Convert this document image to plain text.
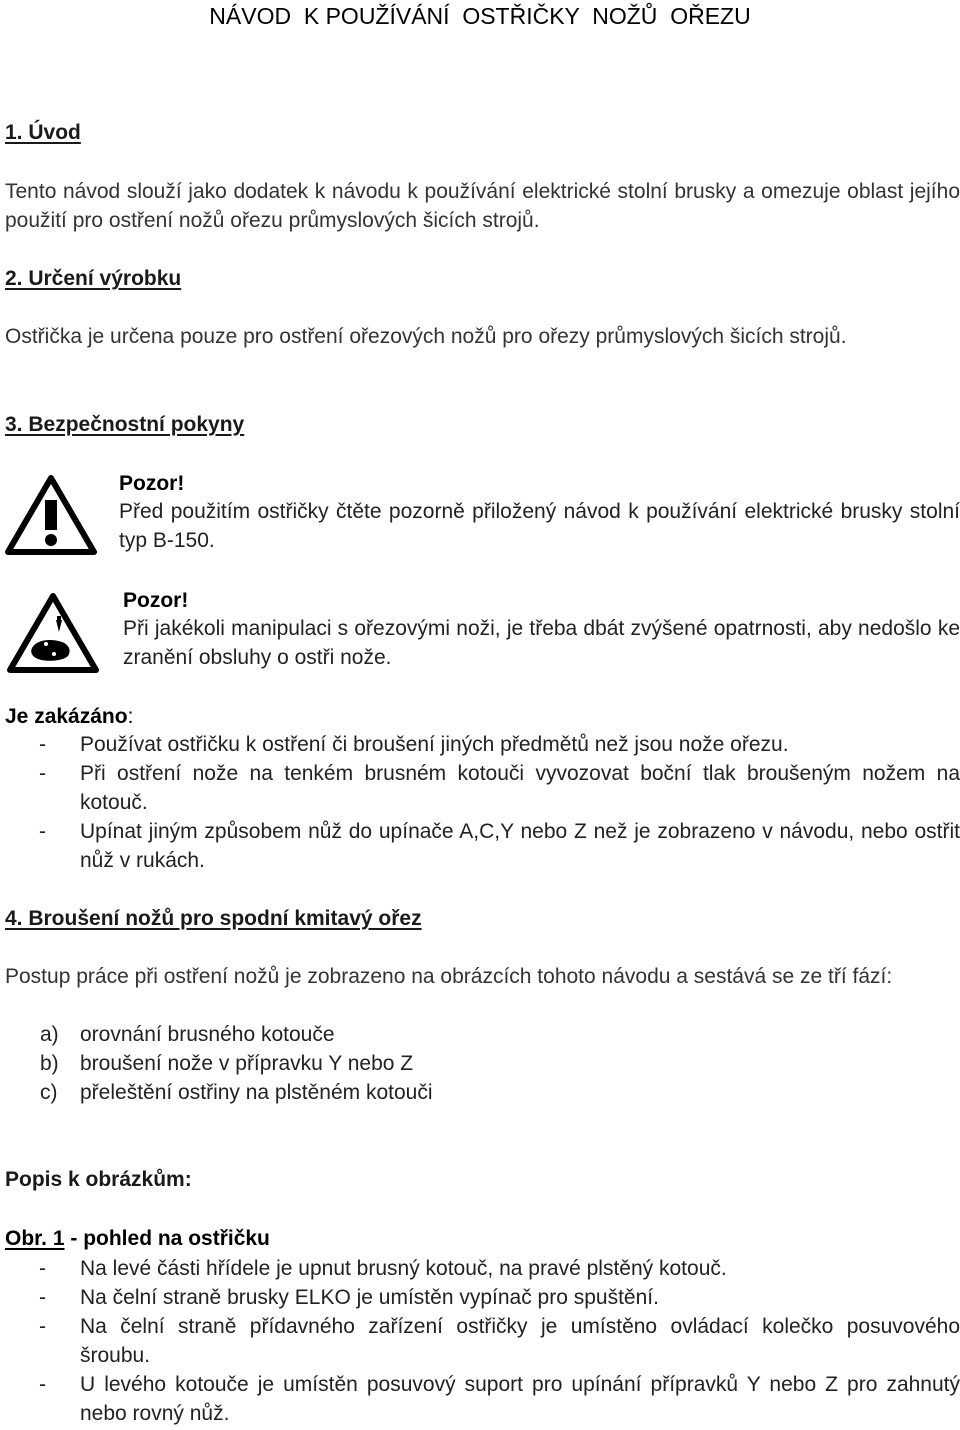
NÁVOD  K POUŽÍVÁNÍ  OSTŘIČKY  NOŽŮ  OŘEZU
1. Úvod

Tento návod slouží jako dodatek k návodu k používání elektrické stolní brusky a omezuje oblast jejího použití pro ostření nožů ořezu průmyslových šicích strojů.

2. Určení výrobku

Ostřička je určena pouze pro ostření ořezových nožů pro ořezy průmyslových šicích strojů.

3. Bezpečnostní pokyny
Pozor!

Před použitím ostřičky čtěte pozorně přiložený návod k používání elektrické brusky stolní typ B-150.

Pozor!

Při jakékoli manipulaci s ořezovými noži, je třeba dbát zvýšené opatrnosti, aby nedošlo ke zranění obsluhy o ostři nože.

Je zakázáno:
- Používat ostřičku k ostření či broušení jiných předmětů než jsou nože ořezu.
- Při ostření nože na tenkém brusném kotouči vyvozovat boční tlak broušeným nožem na kotouč.
- Upínat jiným způsobem nůž do upínače A,C,Y nebo Z než je zobrazeno v návodu, nebo ostřit nůž v rukách.
4. Broušení nožů pro spodní kmitavý ořez

Postup práce při ostření nožů je zobrazeno na obrázcích tohoto návodu a sestává se ze tří fází:

a) orovnání brusného kotouče
b) broušení nože v přípravku Y nebo Z
c) přeleštění ostřiny na plstěném kotouči
Popis k obrázkům:
Obr. 1 - pohled na ostřičku
- Na levé části hřídele je upnut brusný kotouč, na pravé plstěný kotouč.
- Na čelní straně brusky ELKO je umístěn vypínač pro spuštění.
- Na čelní straně přídavného zařízení ostřičky je umístěno ovládací kolečko posuvového šroubu.
- U levého kotouče je umístěn posuvový suport pro upínání přípravků Y nebo Z pro zahnutý nebo rovný nůž.
